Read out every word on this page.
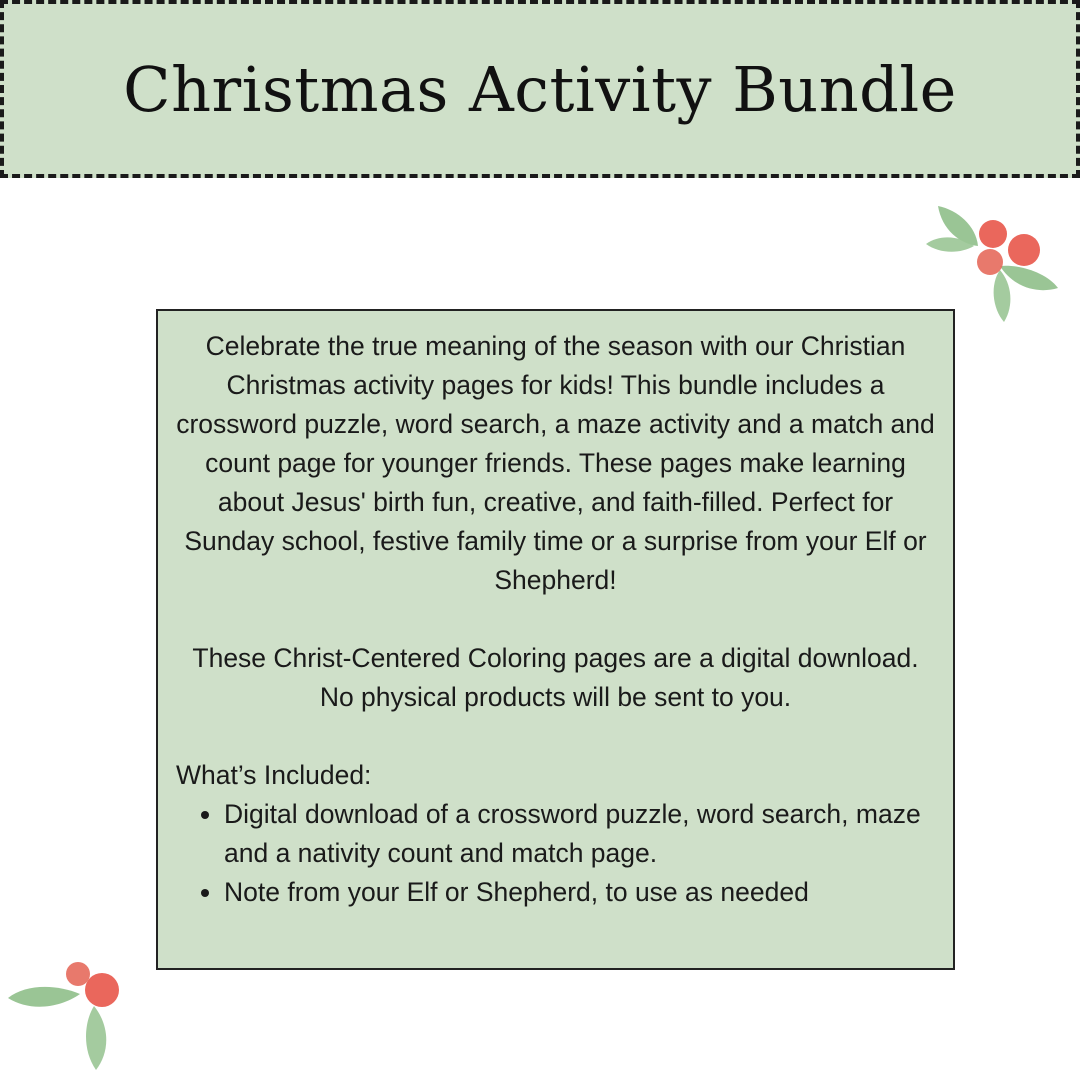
Christmas Activity Bundle

Celebrate the true meaning of the season with our Christian Christmas activity pages for kids! This bundle includes a crossword puzzle, word search, a maze activity and a match and count page for younger friends. These pages make learning about Jesus' birth fun, creative, and faith-filled. Perfect for Sunday school, festive family time or a surprise from your Elf or Shepherd!

These Christ-Centered Coloring pages are a digital download. No physical products will be sent to you.

What’s Included:

• Digital download of a crossword puzzle, word search, maze and a nativity count and match page.
• Note from your Elf or Shepherd, to use as needed
